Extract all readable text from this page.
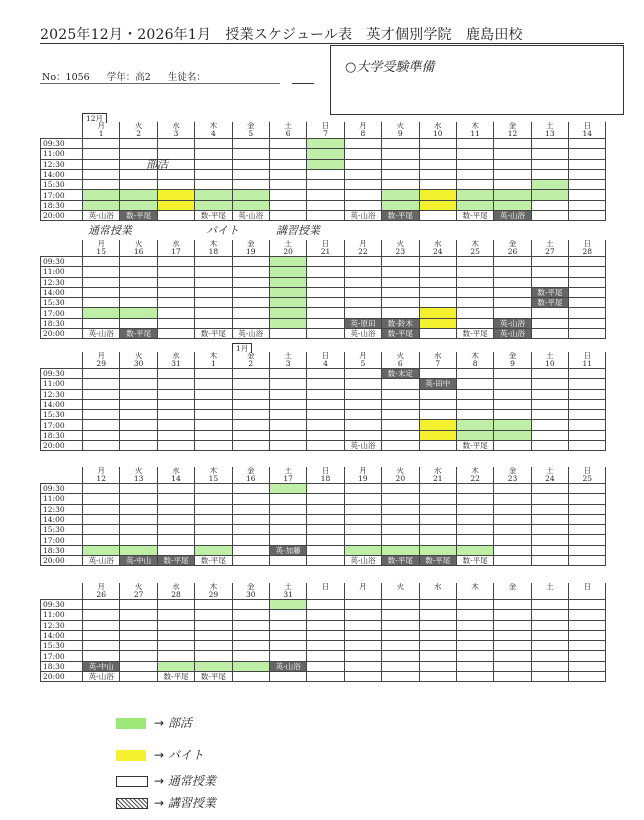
2025年12月・2026年1月　授業スケジュール表　英才個別学院　鹿島田校
No：1056 学年：高2 生徒名：
○大学受験準備
12月
1月
	月	火	水	木	金	土	日	月	火	水	木	金	土	日
	1	2	3	4	5	6	7	8	9	10	11	12	13	14
09:30														
11:00														
12:30														
14:00														
15:30														
17:00														
18:30														
20:00	英-山浴	数-平尾		数-平尾	英-山浴			英-山浴	数-平尾		数-平尾	英-山浴		
	月	火	水	木	金	土	日	月	火	水	木	金	土	日
	15	16	17	18	19	20	21	22	23	24	25	26	27	28
09:30														
11:00														
12:30														
14:00													数-平尾	
15:30													数-平尾	
17:00														
18:30								英-原田	数-鈴木			英-山浴		
20:00	英-山浴	数-平尾		数-平尾	英-山浴			英-山浴	数-平尾		数-平尾	英-山浴		
	月	火	水	木	金	土	日	月	火	水	木	金	土	日
	29	30	31	1	2	3	4	5	6	7	8	9	10	11
09:30									数-末定					
11:00										英-田中				
12:30														
14:00														
15:30														
17:00														
18:30														
20:00								英-山浴			数-平尾			
	月	火	水	木	金	土	日	月	火	水	木	金	土	日
	12	13	14	15	16	17	18	19	20	21	22	23	24	25
09:30														
11:00														
12:30														
14:00														
15:30														
17:00														
18:30						英-加藤								
20:00	英-山浴	英-中山	数-平尾	数-平尾				英-山浴	数-平尾	数-平尾	数-平尾			
	月	火	水	木	金	土	日	月	火	水	木	金	土	日
	26	27	28	29	30	31								
09:30														
11:00														
12:30														
14:00														
15:30														
17:00														
18:30	英-中山					英-山浴								
20:00	英-山浴		数-平尾	数-平尾										
部活
通常授業	バイト	講習授業
→ 部活
→ バイト
→ 通常授業
→ 講習授業
